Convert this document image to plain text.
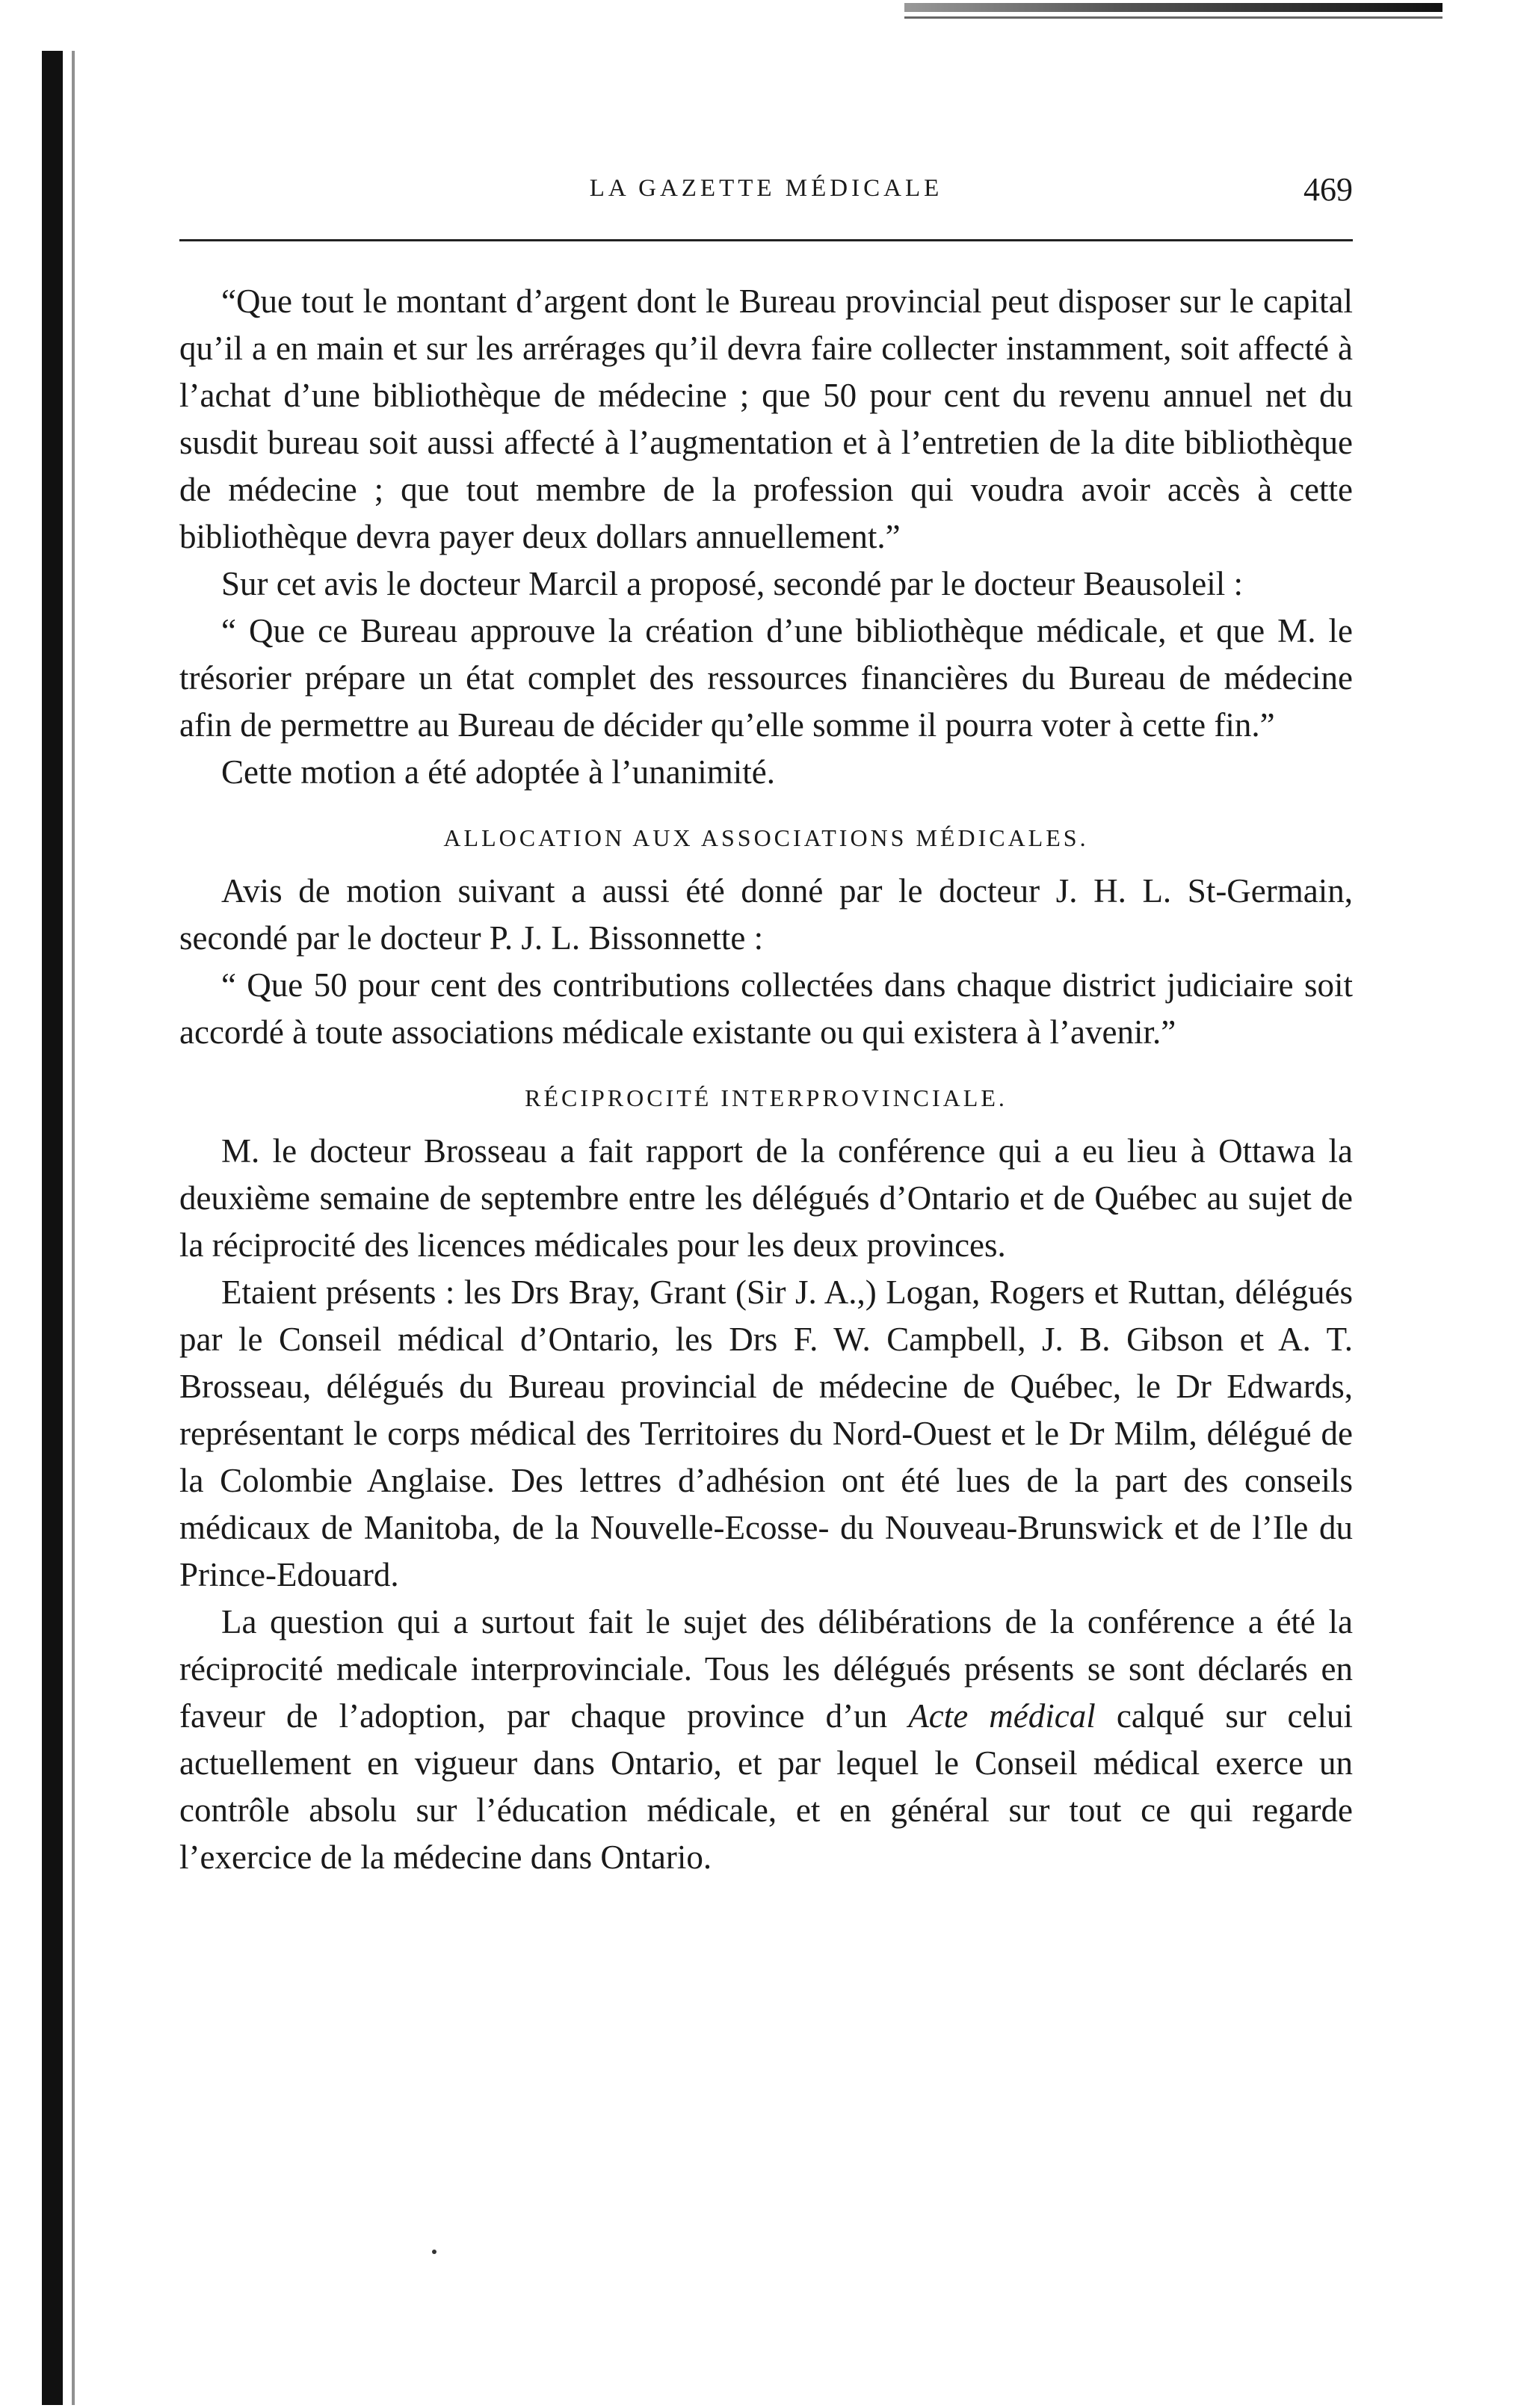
LA GAZETTE MÉDICALE	469

“Que tout le montant d’argent dont le Bureau provincial peut disposer sur le capital qu’il a en main et sur les arrérages qu’il devra faire collecter instamment, soit affecté à l’achat d’une bibliothèque de médecine ; que 50 pour cent du revenu annuel net du susdit bureau soit aussi affecté à l’augmentation et à l’entretien de la dite bibliothèque de médecine ; que tout membre de la profession qui voudra avoir accès à cette bibliothèque devra payer deux dollars annuellement.”

Sur cet avis le docteur Marcil a proposé, secondé par le docteur Beausoleil :

“ Que ce Bureau approuve la création d’une bibliothèque médicale, et que M. le trésorier prépare un état complet des ressources financières du Bureau de médecine afin de permettre au Bureau de décider qu’elle somme il pourra voter à cette fin.”

Cette motion a été adoptée à l’unanimité.

ALLOCATION AUX ASSOCIATIONS MÉDICALES.

Avis de motion suivant a aussi été donné par le docteur J. H. L. St-Germain, secondé par le docteur P. J. L. Bissonnette :

“ Que 50 pour cent des contributions collectées dans chaque district judiciaire soit accordé à toute associations médicale existante ou qui existera à l’avenir.”

RÉCIPROCITÉ INTERPROVINCIALE.

M. le docteur Brosseau a fait rapport de la conférence qui a eu lieu à Ottawa la deuxième semaine de septembre entre les délégués d’Ontario et de Québec au sujet de la réciprocité des licences médicales pour les deux provinces.

Etaient présents : les Drs Bray, Grant (Sir J. A.,) Logan, Rogers et Ruttan, délégués par le Conseil médical d’Ontario, les Drs F. W. Campbell, J. B. Gibson et A. T. Brosseau, délégués du Bureau provincial de médecine de Québec, le Dr Edwards, représentant le corps médical des Territoires du Nord-Ouest et le Dr Milm, délégué de la Colombie Anglaise. Des lettres d’adhésion ont été lues de la part des conseils médicaux de Manitoba, de la Nouvelle-Ecosse- du Nouveau-Brunswick et de l’Ile du Prince-Edouard.

La question qui a surtout fait le sujet des délibérations de la conférence a été la réciprocité medicale interprovinciale. Tous les délégués présents se sont déclarés en faveur de l’adoption, par chaque province d’un Acte médical calqué sur celui actuellement en vigueur dans Ontario, et par lequel le Conseil médical exerce un contrôle absolu sur l’éducation médicale, et en général sur tout ce qui regarde l’exercice de la médecine dans Ontario.
